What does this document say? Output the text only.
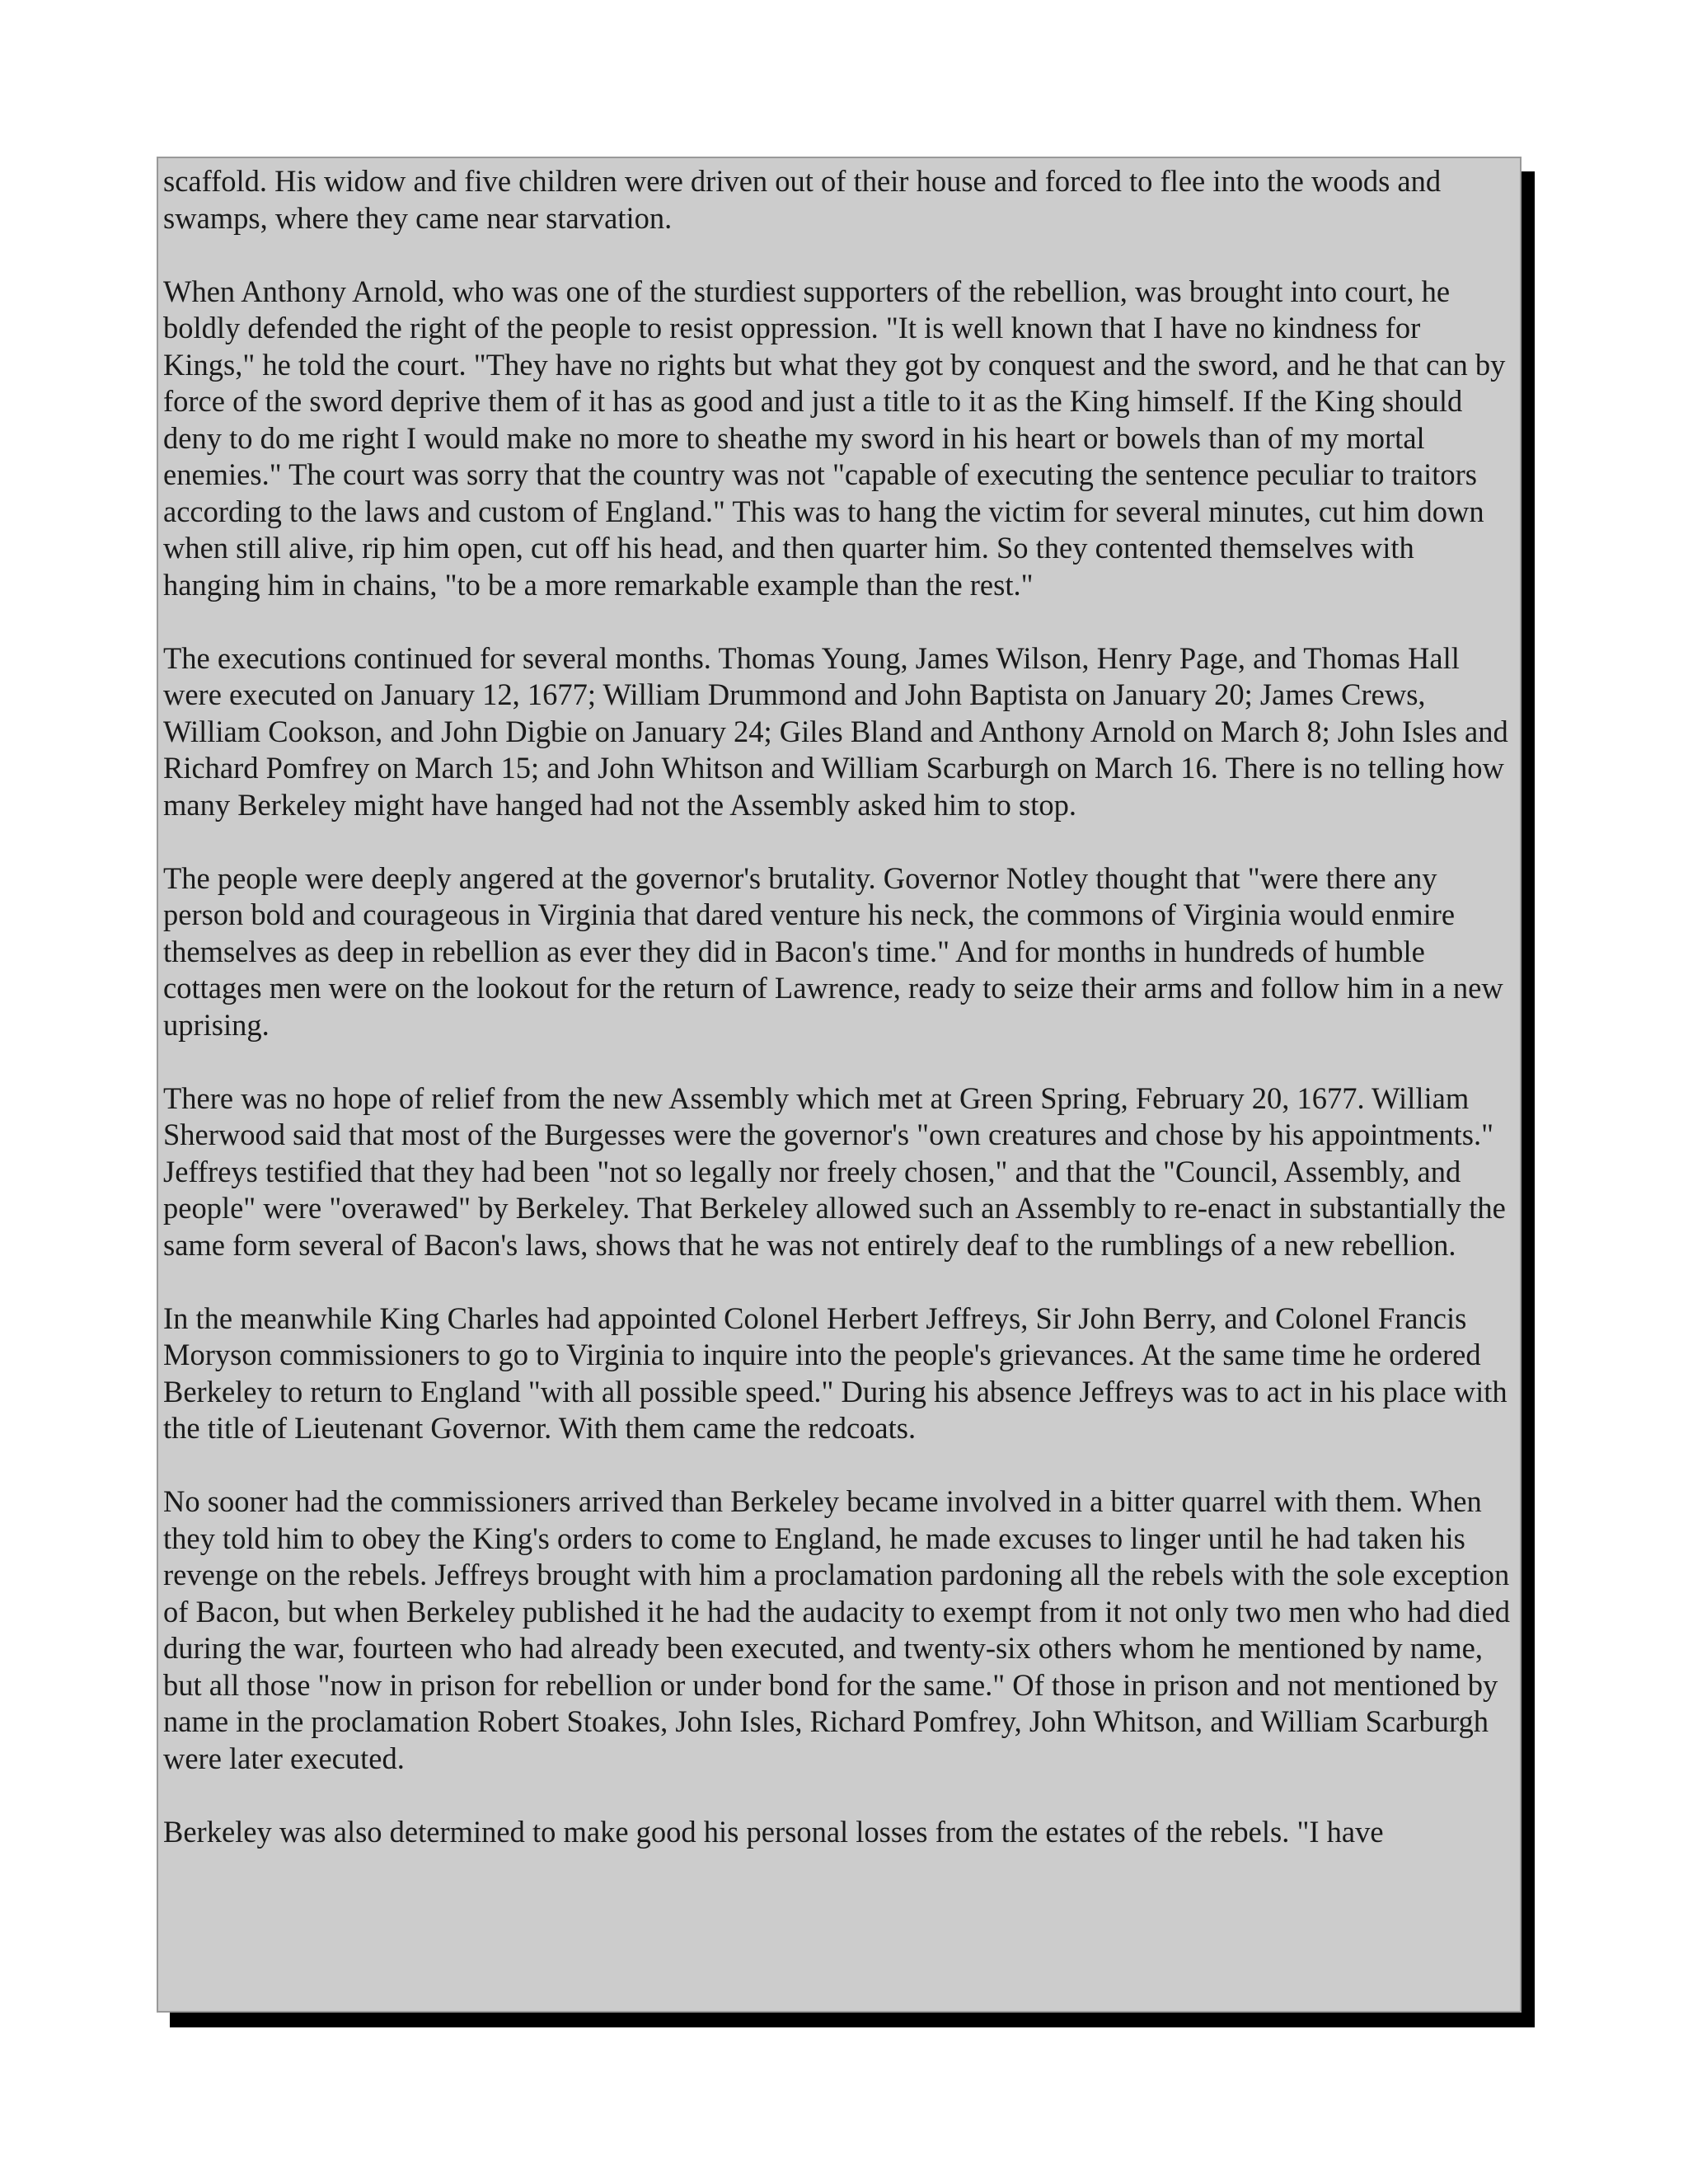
scaffold. His widow and five children were driven out of their house and forced to flee into the woods and swamps, where they came near starvation.

When Anthony Arnold, who was one of the sturdiest supporters of the rebellion, was brought into court, he boldly defended the right of the people to resist oppression. "It is well known that I have no kindness for Kings," he told the court. "They have no rights but what they got by conquest and the sword, and he that can by force of the sword deprive them of it has as good and just a title to it as the King himself. If the King should deny to do me right I would make no more to sheathe my sword in his heart or bowels than of my mortal enemies." The court was sorry that the country was not "capable of executing the sentence peculiar to traitors according to the laws and custom of England." This was to hang the victim for several minutes, cut him down when still alive, rip him open, cut off his head, and then quarter him. So they contented themselves with hanging him in chains, "to be a more remarkable example than the rest."

The executions continued for several months. Thomas Young, James Wilson, Henry Page, and Thomas Hall were executed on January 12, 1677; William Drummond and John Baptista on January 20; James Crews, William Cookson, and John Digbie on January 24; Giles Bland and Anthony Arnold on March 8; John Isles and Richard Pomfrey on March 15; and John Whitson and William Scarburgh on March 16. There is no telling how many Berkeley might have hanged had not the Assembly asked him to stop.

The people were deeply angered at the governor's brutality. Governor Notley thought that "were there any person bold and courageous in Virginia that dared venture his neck, the commons of Virginia would enmire themselves as deep in rebellion as ever they did in Bacon's time." And for months in hundreds of humble cottages men were on the lookout for the return of Lawrence, ready to seize their arms and follow him in a new uprising.

There was no hope of relief from the new Assembly which met at Green Spring, February 20, 1677. William Sherwood said that most of the Burgesses were the governor's "own creatures and chose by his appointments." Jeffreys testified that they had been "not so legally nor freely chosen," and that the "Council, Assembly, and people" were "overawed" by Berkeley. That Berkeley allowed such an Assembly to re-enact in substantially the same form several of Bacon's laws, shows that he was not entirely deaf to the rumblings of a new rebellion.

In the meanwhile King Charles had appointed Colonel Herbert Jeffreys, Sir John Berry, and Colonel Francis Moryson commissioners to go to Virginia to inquire into the people's grievances. At the same time he ordered Berkeley to return to England "with all possible speed." During his absence Jeffreys was to act in his place with the title of Lieutenant Governor. With them came the redcoats.

No sooner had the commissioners arrived than Berkeley became involved in a bitter quarrel with them. When they told him to obey the King's orders to come to England, he made excuses to linger until he had taken his revenge on the rebels. Jeffreys brought with him a proclamation pardoning all the rebels with the sole exception of Bacon, but when Berkeley published it he had the audacity to exempt from it not only two men who had died during the war, fourteen who had already been executed, and twenty-six others whom he mentioned by name, but all those "now in prison for rebellion or under bond for the same." Of those in prison and not mentioned by name in the proclamation Robert Stoakes, John Isles, Richard Pomfrey, John Whitson, and William Scarburgh were later executed.

Berkeley was also determined to make good his personal losses from the estates of the rebels. "I have
